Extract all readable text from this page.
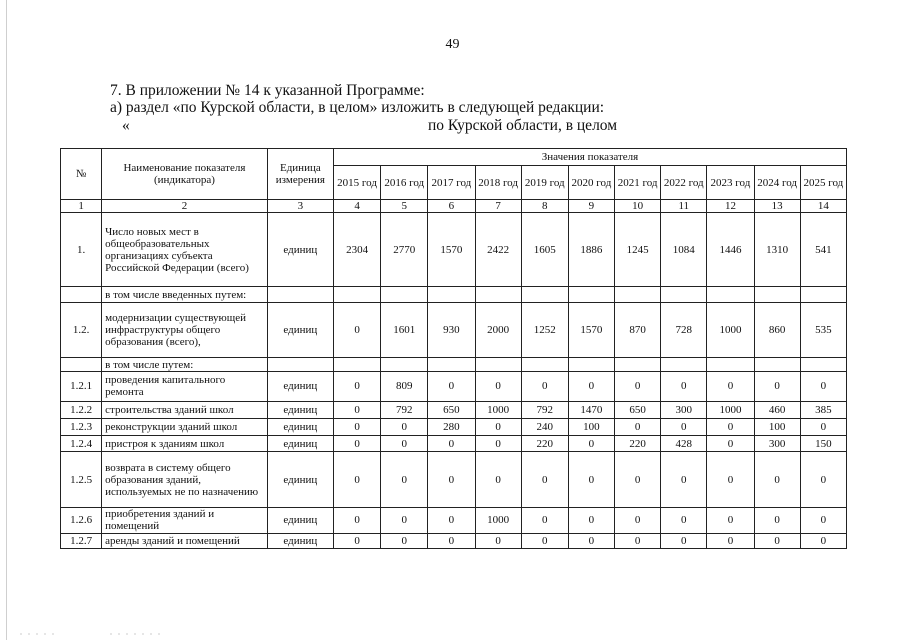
49
7. В приложении № 14 к указанной Программе:
а) раздел «по Курской области, в целом» изложить в следующей редакции:
«	по Курской области, в целом
№	Наименование показателя (индикатора)	Единица измерения	Значения показателя										
			2015 год	2016 год	2017 год	2018 год	2019 год	2020 год	2021 год	2022 год	2023 год	2024 год	2025 год
1	2	3	4	5	6	7	8	9	10	11	12	13	14
1.	Число новых мест в общеобразовательных организациях субъекта Российской Федерации (всего)	единиц	2304	2770	1570	2422	1605	1886	1245	1084	1446	1310	541
	в том числе введенных путем:												
1.2.	модернизации существующей инфраструктуры общего образования (всего),	единиц	0	1601	930	2000	1252	1570	870	728	1000	860	535
	в том числе путем:												
1.2.1	проведения капитального ремонта	единиц	0	809	0	0	0	0	0	0	0	0	0
1.2.2	строительства зданий школ	единиц	0	792	650	1000	792	1470	650	300	1000	460	385
1.2.3	реконструкции зданий школ	единиц	0	0	280	0	240	100	0	0	0	100	0
1.2.4	пристроя к зданиям школ	единиц	0	0	0	0	220	0	220	428	0	300	150
1.2.5	возврата в систему общего образования зданий, используемых не по назначению	единиц	0	0	0	0	0	0	0	0	0	0	0
1.2.6	приобретения зданий и помещений	единиц	0	0	0	1000	0	0	0	0	0	0	0
1.2.7	аренды зданий и помещений	единиц	0	0	0	0	0	0	0	0	0	0	0
